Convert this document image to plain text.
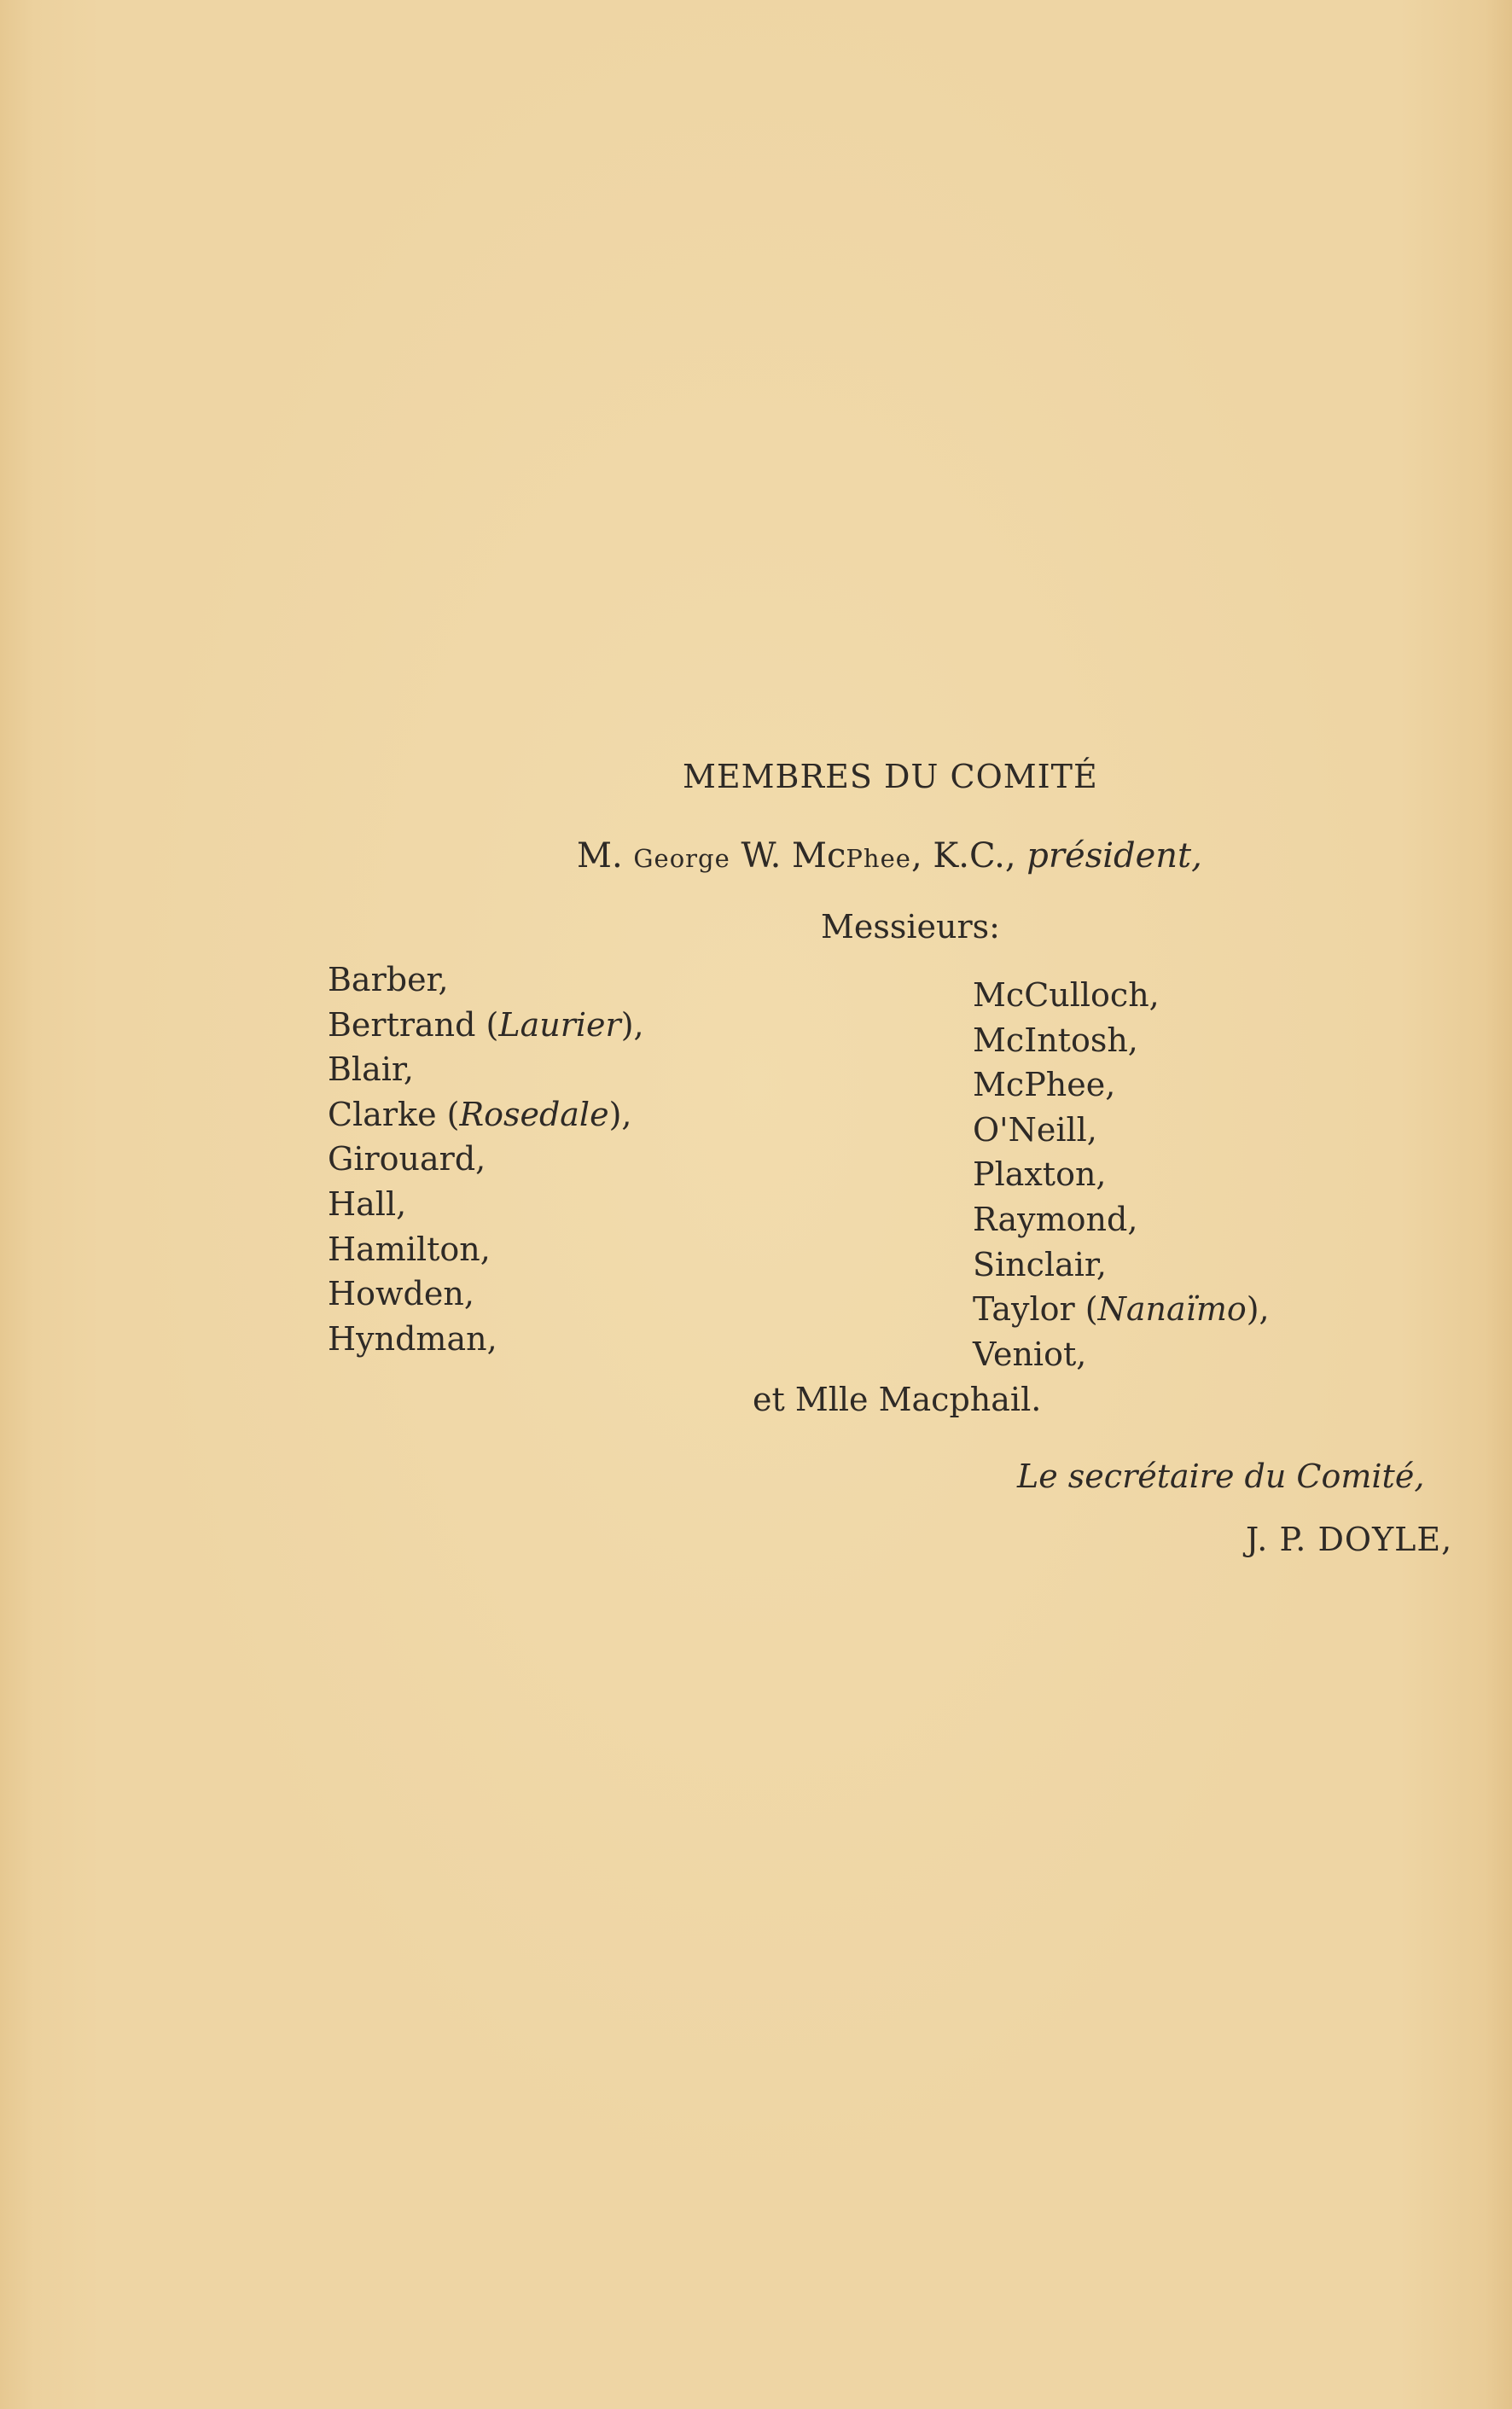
MEMBRES DU COMITÉ
M. George W. McPhee, K.C., président,
Messieurs:
Barber,
Bertrand (Laurier),
Blair,
Clarke (Rosedale),
Girouard,
Hall,
Hamilton,
Howden,
Hyndman,
McCulloch,
McIntosh,
McPhee,
O'Neill,
Plaxton,
Raymond,
Sinclair,
Taylor (Nanaïmo),
Veniot,
et Mlle Macphail.
Le secrétaire du Comité,
J. P. DOYLE,
